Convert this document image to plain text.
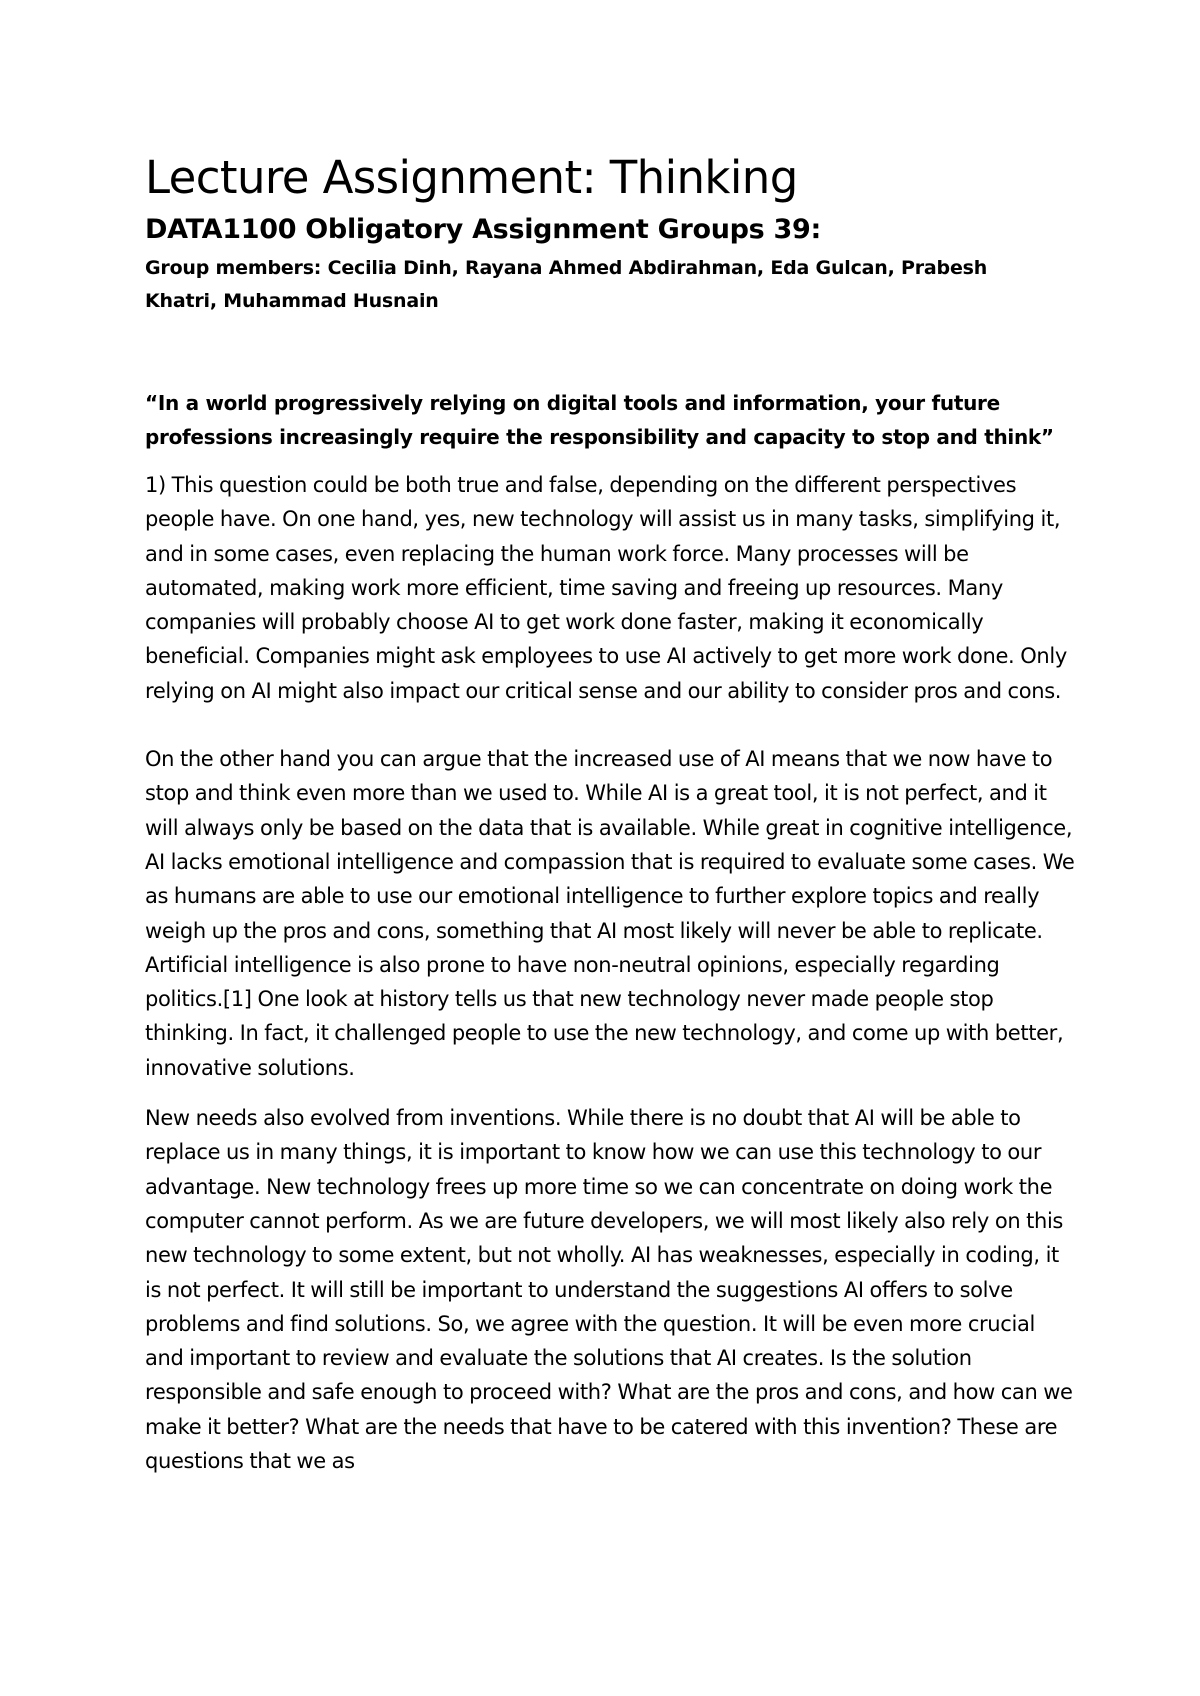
Lecture Assignment: Thinking
DATA1100 Obligatory Assignment Groups 39:

Group members: Cecilia Dinh, Rayana Ahmed Abdirahman, Eda Gulcan, Prabesh Khatri, Muhammad Husnain

“In a world progressively relying on digital tools and information, your future professions increasingly require the responsibility and capacity to stop and think”

1) This question could be both true and false, depending on the different perspectives people have. On one hand, yes, new technology will assist us in many tasks, simplifying it, and in some cases, even replacing the human work force. Many processes will be automated, making work more efficient, time saving and freeing up resources. Many companies will probably choose AI to get work done faster, making it economically beneficial. Companies might ask employees to use AI actively to get more work done. Only relying on AI might also impact our critical sense and our ability to consider pros and cons.

On the other hand you can argue that the increased use of AI means that we now have to stop and think even more than we used to. While AI is a great tool, it is not perfect, and it will always only be based on the data that is available. While great in cognitive intelligence, AI lacks emotional intelligence and compassion that is required to evaluate some cases. We as humans are able to use our emotional intelligence to further explore topics and really weigh up the pros and cons, something that AI most likely will never be able to replicate. Artificial intelligence is also prone to have non-neutral opinions, especially regarding politics.[1] One look at history tells us that new technology never made people stop thinking. In fact, it challenged people to use the new technology, and come up with better, innovative solutions.

New needs also evolved from inventions. While there is no doubt that AI will be able to replace us in many things, it is important to know how we can use this technology to our advantage. New technology frees up more time so we can concentrate on doing work the computer cannot perform. As we are future developers, we will most likely also rely on this new technology to some extent, but not wholly. AI has weaknesses, especially in coding, it is not perfect. It will still be important to understand the suggestions AI offers to solve problems and find solutions. So, we agree with the question. It will be even more crucial and important to review and evaluate the solutions that AI creates. Is the solution responsible and safe enough to proceed with? What are the pros and cons, and how can we make it better? What are the needs that have to be catered with this invention? These are questions that we as
